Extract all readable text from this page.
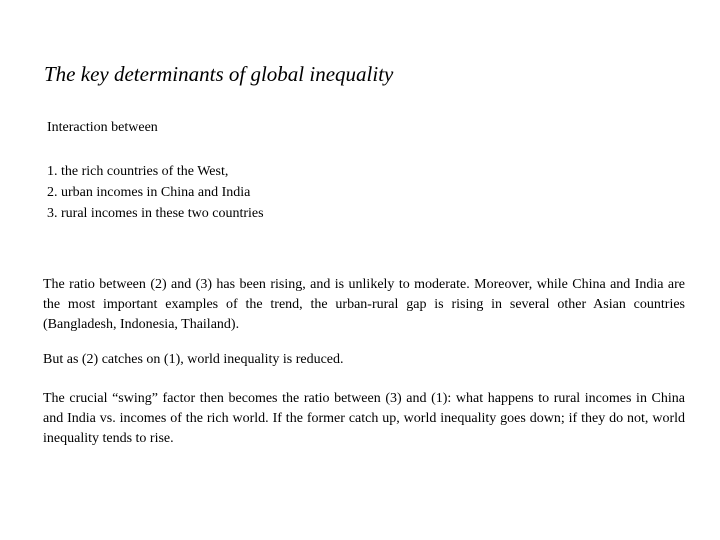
The key determinants of global inequality

Interaction between

1. the rich countries of the West,
2. urban incomes in China and India
3. rural incomes in these two countries

The ratio between (2) and (3) has been rising, and is unlikely to moderate. Moreover, while China and India are the most important examples of the trend, the urban-rural gap is rising in several other Asian countries (Bangladesh, Indonesia, Thailand).

But as (2) catches on (1), world inequality is reduced.

The crucial “swing” factor then becomes the ratio between (3) and (1): what happens to rural incomes in China and India vs. incomes of the rich world. If the former catch up, world inequality goes down; if they do not, world inequality tends to rise.
